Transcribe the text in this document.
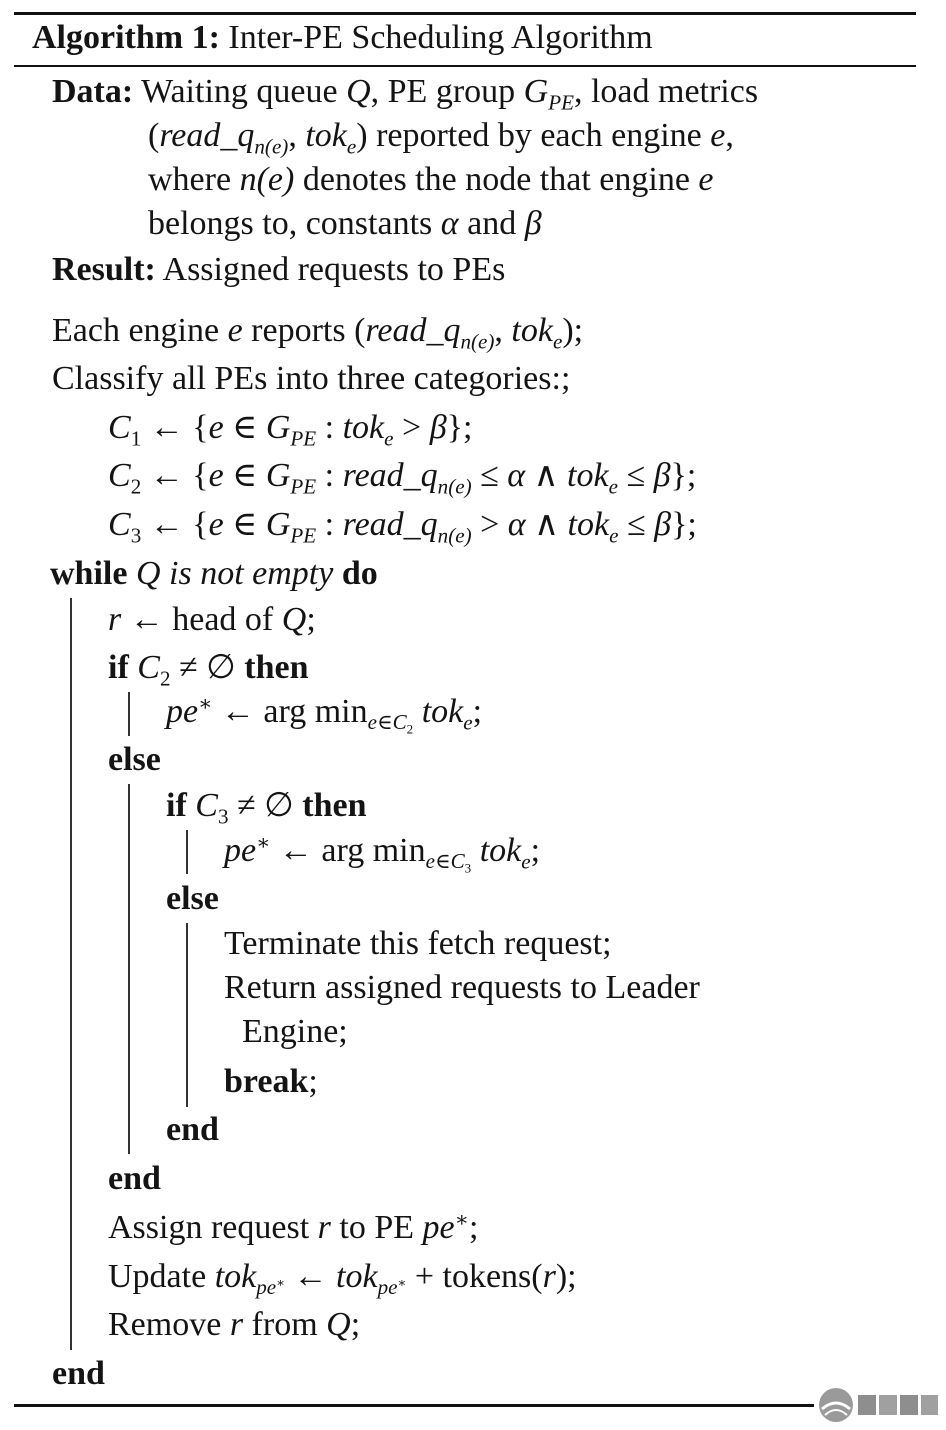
Algorithm 1: Inter-PE Scheduling Algorithm
Data: Waiting queue Q, PE group $G_{PE}$, load metrics
($read\_q_{n(e)}$, tok$_e$) reported by each engine e,
where n(e) denotes the node that engine e
belongs to, constants α and β
Result: Assigned requests to PEs
Each engine e reports ($read\_q_{n(e)}$, tok$_e$);
Classify all PEs into three categories:;
$C_1$ ← {e ∈ $G_{PE}$ : tok$_e$ > β};
$C_2$ ← {e ∈ $G_{PE}$ : $read\_q_{n(e)} \le \alpha$ ∧ tok$_e$ ≤ β};
$C_3$ ← {e ∈ $G_{PE}$ : $read\_q_{n(e)} > \alpha$ ∧ tok$_e$ ≤ β};
while Q is not empty do
r ← head of Q;
if $C_2$ ≠ ∅ then
pe∗ ← arg $\min_{e\in C_2} tok_e$;
else
if $C_3$ ≠ ∅ then
pe∗ ← arg $\min_{e\in C_3} tok_e$;
else
Terminate this fetch request;
Return assigned requests to Leader
Engine;
break;
end
end
Assign request r to PE pe∗;
Update tok$_{pe^∗}$ ← tok$_{pe^∗}$ + tokens(r);
Remove r from Q;
end
